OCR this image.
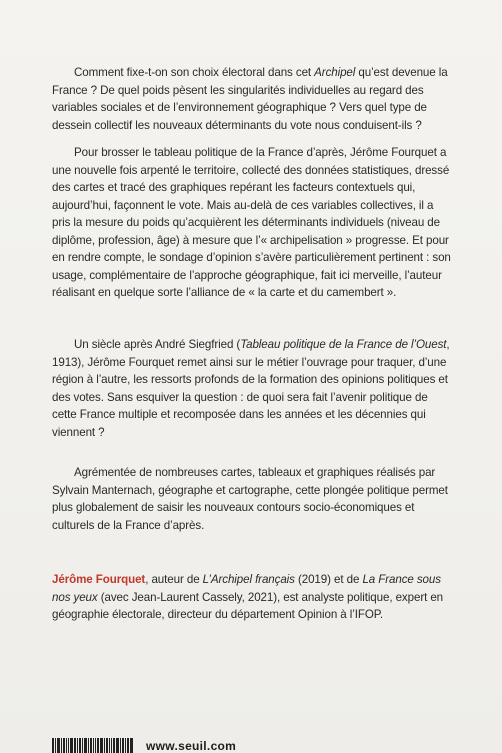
Comment fixe-t-on son choix électoral dans cet Archipel qu’est devenue la France ? De quel poids pèsent les singularités individuelles au regard des variables sociales et de l’environnement géographique ? Vers quel type de dessein collectif les nouveaux déterminants du vote nous conduisent-ils ?

Pour brosser le tableau politique de la France d’après, Jérôme Fourquet a une nouvelle fois arpenté le territoire, collecté des données statistiques, dressé des cartes et tracé des graphiques repérant les facteurs contextuels qui, aujourd’hui, façonnent le vote. Mais au-delà de ces variables collectives, il a pris la mesure du poids qu’acquièrent les déterminants individuels (niveau de diplôme, profession, âge) à mesure que l’« archipelisation » progresse. Et pour en rendre compte, le sondage d’opinion s’avère particulièrement pertinent : son usage, complémentaire de l’approche géographique, fait ici merveille, l’auteur réalisant en quelque sorte l’alliance de « la carte et du camembert ».

Un siècle après André Siegfried (Tableau politique de la France de l’Ouest, 1913), Jérôme Fourquet remet ainsi sur le métier l’ouvrage pour traquer, d’une région à l’autre, les ressorts profonds de la formation des opinions politiques et des votes. Sans esquiver la question : de quoi sera fait l’avenir politique de cette France multiple et recomposée dans les années et les décennies qui viennent ?

Agrémentée de nombreuses cartes, tableaux et graphiques réalisés par Sylvain Manternach, géographe et cartographe, cette plongée politique permet plus globalement de saisir les nouveaux contours socio-économiques et culturels de la France d’après.

Jérôme Fourquet, auteur de L’Archipel français (2019) et de La France sous nos yeux (avec Jean-Laurent Cassely, 2021), est analyste politique, expert en géographie électorale, directeur du département Opinion à l’IFOP.

www.seuil.com
